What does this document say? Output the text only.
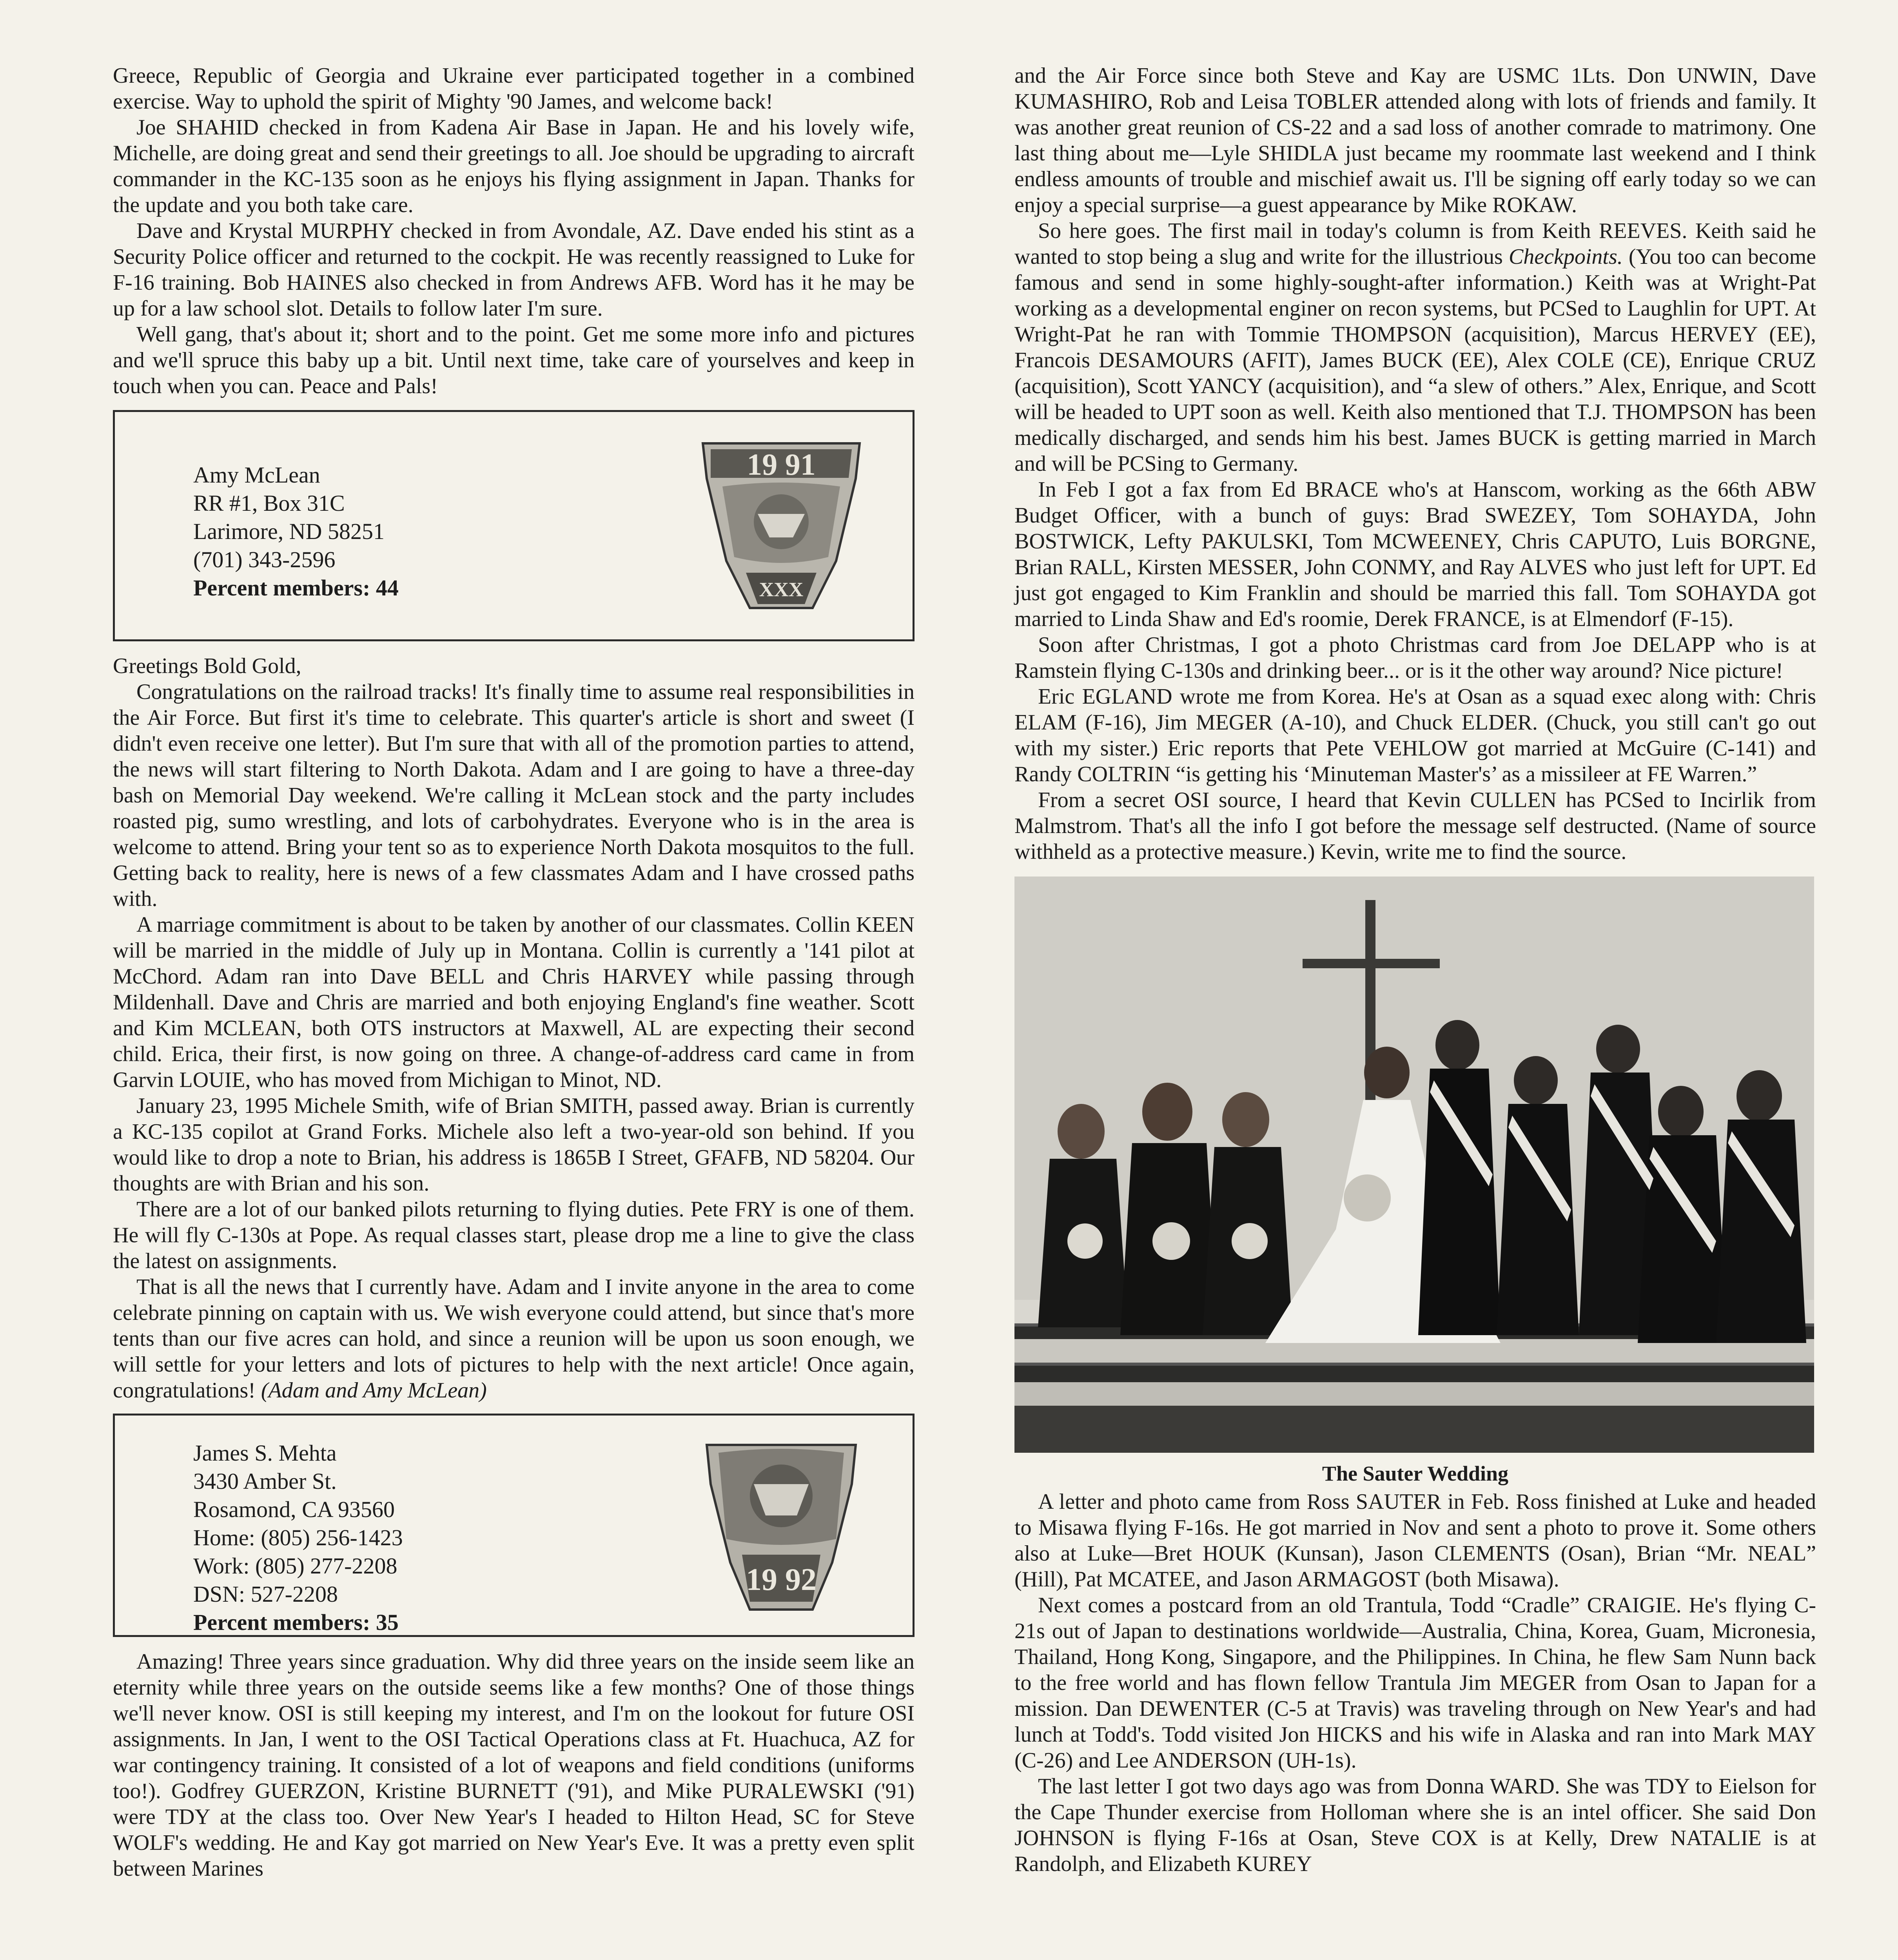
Greece, Republic of Georgia and Ukraine ever participated together in a combined exercise. Way to uphold the spirit of Mighty '90 James, and welcome back!

Joe SHAHID checked in from Kadena Air Base in Japan. He and his lovely wife, Michelle, are doing great and send their greetings to all. Joe should be upgrading to aircraft commander in the KC-135 soon as he enjoys his flying assignment in Japan. Thanks for the update and you both take care.

Dave and Krystal MURPHY checked in from Avondale, AZ. Dave ended his stint as a Security Police officer and returned to the cockpit. He was recently reassigned to Luke for F-16 training. Bob HAINES also checked in from Andrews AFB. Word has it he may be up for a law school slot. Details to follow later I'm sure.

Well gang, that's about it; short and to the point. Get me some more info and pictures and we'll spruce this baby up a bit. Until next time, take care of yourselves and keep in touch when you can. Peace and Pals!

Amy McLean
RR #1, Box 31C
Larimore, ND 58251
(701) 343-2596
Percent members: 44
19 91
XXX

Greetings Bold Gold,

Congratulations on the railroad tracks! It's finally time to assume real responsibilities in the Air Force. But first it's time to celebrate. This quarter's article is short and sweet (I didn't even receive one letter). But I'm sure that with all of the promotion parties to attend, the news will start filtering to North Dakota. Adam and I are going to have a three-day bash on Memorial Day weekend. We're calling it McLean stock and the party includes roasted pig, sumo wrestling, and lots of carbohydrates. Everyone who is in the area is welcome to attend. Bring your tent so as to experience North Dakota mosquitos to the full. Getting back to reality, here is news of a few classmates Adam and I have crossed paths with.

A marriage commitment is about to be taken by another of our classmates. Collin KEEN will be married in the middle of July up in Montana. Collin is currently a '141 pilot at McChord. Adam ran into Dave BELL and Chris HARVEY while passing through Mildenhall. Dave and Chris are married and both enjoying England's fine weather. Scott and Kim MCLEAN, both OTS instructors at Maxwell, AL are expecting their second child. Erica, their first, is now going on three. A change-of-address card came in from Garvin LOUIE, who has moved from Michigan to Minot, ND.

January 23, 1995 Michele Smith, wife of Brian SMITH, passed away. Brian is currently a KC-135 copilot at Grand Forks. Michele also left a two-year-old son behind. If you would like to drop a note to Brian, his address is 1865B I Street, GFAFB, ND 58204. Our thoughts are with Brian and his son.

There are a lot of our banked pilots returning to flying duties. Pete FRY is one of them. He will fly C-130s at Pope. As requal classes start, please drop me a line to give the class the latest on assignments.

That is all the news that I currently have. Adam and I invite anyone in the area to come celebrate pinning on captain with us. We wish everyone could attend, but since that's more tents than our five acres can hold, and since a reunion will be upon us soon enough, we will settle for your letters and lots of pictures to help with the next article! Once again, congratulations! (Adam and Amy McLean)

James S. Mehta
3430 Amber St.
Rosamond, CA 93560
Home: (805) 256-1423
Work: (805) 277-2208
DSN: 527-2208
Percent members: 35
19 92

Amazing! Three years since graduation. Why did three years on the inside seem like an eternity while three years on the outside seems like a few months? One of those things we'll never know. OSI is still keeping my interest, and I'm on the lookout for future OSI assignments. In Jan, I went to the OSI Tactical Operations class at Ft. Huachuca, AZ for war contingency training. It consisted of a lot of weapons and field conditions (uniforms too!). Godfrey GUERZON, Kristine BURNETT ('91), and Mike PURALEWSKI ('91) were TDY at the class too. Over New Year's I headed to Hilton Head, SC for Steve WOLF's wedding. He and Kay got married on New Year's Eve. It was a pretty even split between Marines

and the Air Force since both Steve and Kay are USMC 1Lts. Don UNWIN, Dave KUMASHIRO, Rob and Leisa TOBLER attended along with lots of friends and family. It was another great reunion of CS-22 and a sad loss of another comrade to matrimony. One last thing about me—Lyle SHIDLA just became my roommate last weekend and I think endless amounts of trouble and mischief await us. I'll be signing off early today so we can enjoy a special surprise—a guest appearance by Mike ROKAW.

So here goes. The first mail in today's column is from Keith REEVES. Keith said he wanted to stop being a slug and write for the illustrious Checkpoints. (You too can become famous and send in some highly-sought-after information.) Keith was at Wright-Pat working as a developmental enginer on recon systems, but PCSed to Laughlin for UPT. At Wright-Pat he ran with Tommie THOMPSON (acquisition), Marcus HERVEY (EE), Francois DESAMOURS (AFIT), James BUCK (EE), Alex COLE (CE), Enrique CRUZ (acquisition), Scott YANCY (acquisition), and “a slew of others.” Alex, Enrique, and Scott will be headed to UPT soon as well. Keith also mentioned that T.J. THOMPSON has been medically discharged, and sends him his best. James BUCK is getting married in March and will be PCSing to Germany.

In Feb I got a fax from Ed BRACE who's at Hanscom, working as the 66th ABW Budget Officer, with a bunch of guys: Brad SWEZEY, Tom SOHAYDA, John BOSTWICK, Lefty PAKULSKI, Tom MCWEENEY, Chris CAPUTO, Luis BORGNE, Brian RALL, Kirsten MESSER, John CONMY, and Ray ALVES who just left for UPT. Ed just got engaged to Kim Franklin and should be married this fall. Tom SOHAYDA got married to Linda Shaw and Ed's roomie, Derek FRANCE, is at Elmendorf (F-15).

Soon after Christmas, I got a photo Christmas card from Joe DELAPP who is at Ramstein flying C-130s and drinking beer... or is it the other way around? Nice picture!

Eric EGLAND wrote me from Korea. He's at Osan as a squad exec along with: Chris ELAM (F-16), Jim MEGER (A-10), and Chuck ELDER. (Chuck, you still can't go out with my sister.) Eric reports that Pete VEHLOW got married at McGuire (C-141) and Randy COLTRIN “is getting his ‘Minuteman Master's’ as a missileer at FE Warren.”

From a secret OSI source, I heard that Kevin CULLEN has PCSed to Incirlik from Malmstrom. That's all the info I got before the message self destructed. (Name of source withheld as a protective measure.) Kevin, write me to find the source.

The Sauter Wedding

A letter and photo came from Ross SAUTER in Feb. Ross finished at Luke and headed to Misawa flying F-16s. He got married in Nov and sent a photo to prove it. Some others also at Luke—Bret HOUK (Kunsan), Jason CLEMENTS (Osan), Brian “Mr. NEAL” (Hill), Pat MCATEE, and Jason ARMAGOST (both Misawa).

Next comes a postcard from an old Trantula, Todd “Cradle” CRAIGIE. He's flying C-21s out of Japan to destinations worldwide—Australia, China, Korea, Guam, Micronesia, Thailand, Hong Kong, Singapore, and the Philippines. In China, he flew Sam Nunn back to the free world and has flown fellow Trantula Jim MEGER from Osan to Japan for a mission. Dan DEWENTER (C-5 at Travis) was traveling through on New Year's and had lunch at Todd's. Todd visited Jon HICKS and his wife in Alaska and ran into Mark MAY (C-26) and Lee ANDERSON (UH-1s).

The last letter I got two days ago was from Donna WARD. She was TDY to Eielson for the Cape Thunder exercise from Holloman where she is an intel officer. She said Don JOHNSON is flying F-16s at Osan, Steve COX is at Kelly, Drew NATALIE is at Randolph, and Elizabeth KUREY
